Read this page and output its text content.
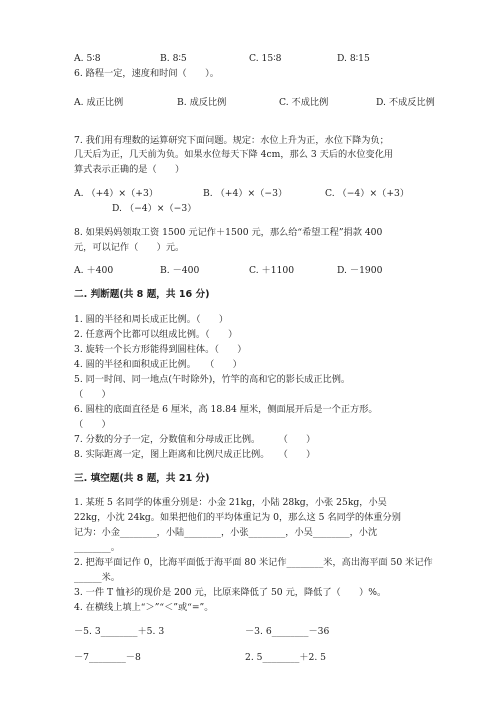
A. 5∶8	B. 8∶5	C. 15∶8	D. 8∶15
6. 路程一定，速度和时间（　　）。
A. 成正比例	B. 成反比例	C. 不成比例	D. 不成反比例
7. 我们用有理数的运算研究下面问题。规定：水位上升为正，水位下降为负；
几天后为正，几天前为负。如果水位每天下降 4cm，那么 3 天后的水位变化用
算式表示正确的是（　　）
A. （+4）×（+3）	B. （+4）×（−3）	C. （−4）×（+3）
D. （−4）×（−3）
8. 如果妈妈领取工资 1500 元记作＋1500 元，那么给“希望工程”捐款 400
元，可以记作（　　）元。
A. ＋400	B. －400	C. ＋1100	D. －1900
二. 判断题(共 8 题，共 16 分)
1. 圆的半径和周长成正比例。（　　）
2. 任意两个比都可以组成比例。（　　）
3. 旋转一个长方形能得到圆柱体。（　　）
4. 圆的半径和面积成正比例。　　（　　）
5. 同一时间、同一地点(午时除外)，竹竿的高和它的影长成正比例。
（　　）
6. 圆柱的底面直径是 6 厘米，高 18.84 厘米，侧面展开后是一个正方形。
（　　）
7. 分数的分子一定，分数值和分母成正比例。　　　（　　）
8. 实际距离一定，图上距离和比例尺成正比例。　　（　　）
三. 填空题(共 8 题，共 21 分)
1. 某班 5 名同学的体重分别是：小金 21kg，小陆 28kg，小张 25kg，小吴
22kg，小沈 24kg。如果把他们的平均体重记为 0，那么这 5 名同学的体重分别
记为：小金________，小陆________，小张________，小吴________，小沈
________。
2. 把海平面记作 0，比海平面低于海平面 80 米记作________米，高出海平面 50 米记作
______米。
3. 一件 T 恤衫的现价是 200 元，比原来降低了 50 元，降低了（　　）%。
4. 在横线上填上“＞”“＜”或“=”。
－5. 3________＋5. 3	－3. 6________－36
－7________－8	2. 5________＋2. 5
